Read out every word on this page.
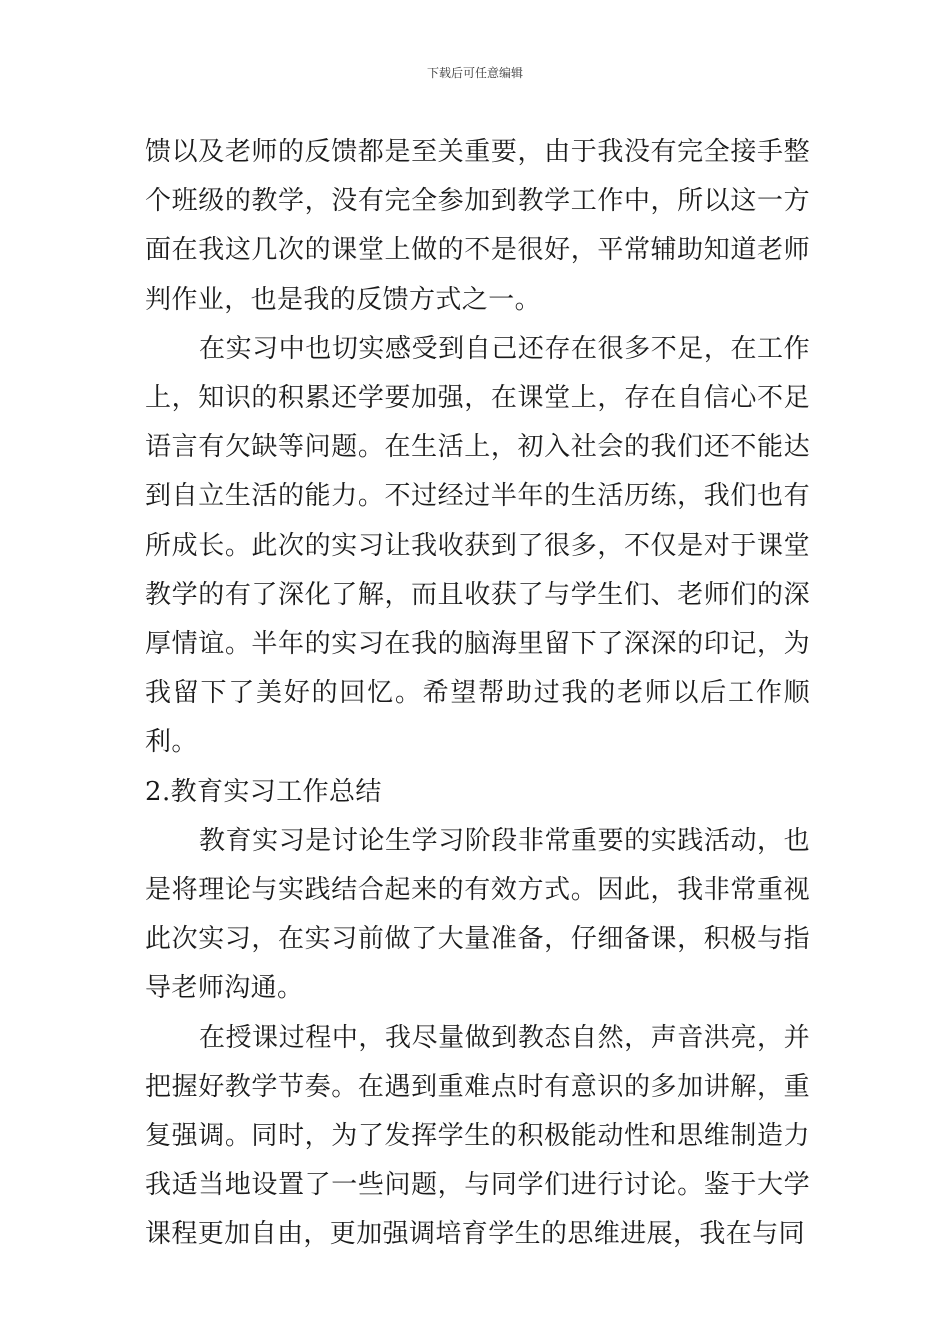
下载后可任意编辑

馈以及老师的反馈都是至关重要，由于我没有完全接手整个班级的教学，没有完全参加到教学工作中，所以这一方面在我这几次的课堂上做的不是很好，平常辅助知道老师判作业，也是我的反馈方式之一。

在实习中也切实感受到自己还存在很多不足，在工作上，知识的积累还学要加强，在课堂上，存在自信心不足语言有欠缺等问题。在生活上，初入社会的我们还不能达到自立生活的能力。不过经过半年的生活历练，我们也有所成长。此次的实习让我收获到了很多，不仅是对于课堂教学的有了深化了解，而且收获了与学生们、老师们的深厚情谊。半年的实习在我的脑海里留下了深深的印记，为我留下了美好的回忆。希望帮助过我的老师以后工作顺利。

2.教育实习工作总结

教育实习是讨论生学习阶段非常重要的实践活动，也是将理论与实践结合起来的有效方式。因此，我非常重视此次实习，在实习前做了大量准备，仔细备课，积极与指导老师沟通。

在授课过程中，我尽量做到教态自然，声音洪亮，并把握好教学节奏。在遇到重难点时有意识的多加讲解，重复强调。同时，为了发挥学生的积极能动性和思维制造力我适当地设置了一些问题，与同学们进行讨论。鉴于大学课程更加自由，更加强调培育学生的思维进展，我在与同
